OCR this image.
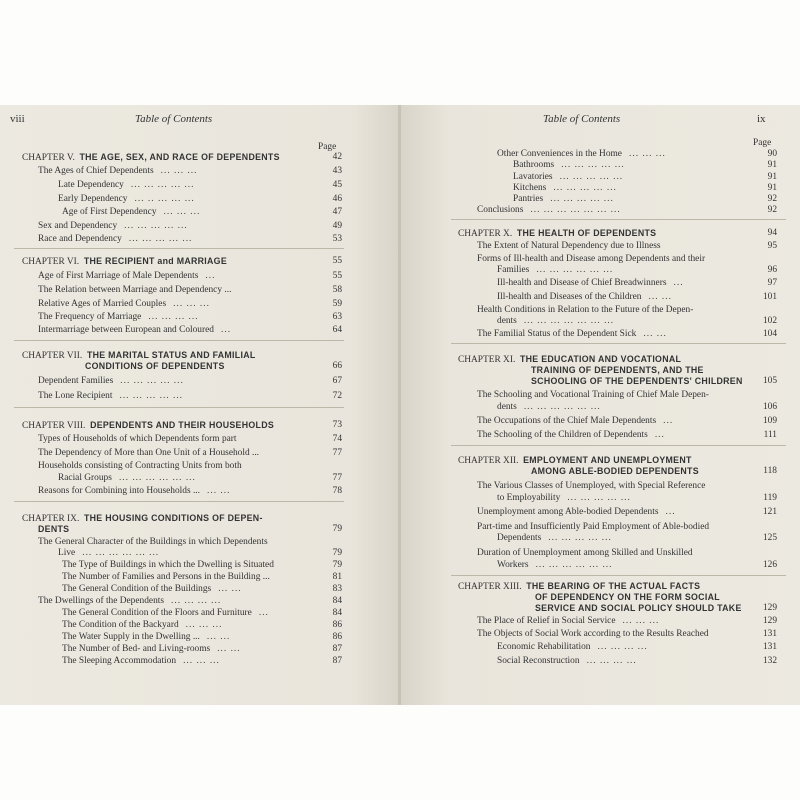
viii	Table of Contents
Page
CHAPTER V. THE AGE, SEX, AND RACE OF DEPENDENTS	42
The Ages of Chief Dependents ... ... ...	43
Late Dependency ... ... ... ... ...	45
Early Dependency ... .. ... ... ...	46
Age of First Dependency ... ... ...	47
Sex and Dependency ... ... ... ... ...	49
Race and Dependency ... ... ... ... ...	53
CHAPTER VI. THE RECIPIENT and MARRIAGE	55
Age of First Marriage of Male Dependents ...	55
The Relation between Marriage and Dependency ...	58
Relative Ages of Married Couples ... ... ...	59
The Frequency of Marriage ... ... ... ...	63
Intermarriage between European and Coloured ...	64
CHAPTER VII. THE MARITAL STATUS AND FAMILIAL
CONDITIONS OF DEPENDENTS	66
Dependent Families ... ... ... ... ...	67
The Lone Recipient ... ... ... ... ...	72
CHAPTER VIII. DEPENDENTS AND THEIR HOUSEHOLDS	73
Types of Households of which Dependents form part	74
The Dependency of More than One Unit of a Household ...	77
Households consisting of Contracting Units from both
Racial Groups ... ... ... ... ... ...	77
Reasons for Combining into Households ... ... ...	78
CHAPTER IX. THE HOUSING CONDITIONS OF DEPEN-
DENTS	79
The General Character of the Buildings in which Dependents
Live ... ... ... ... ... ...	79
The Type of Buildings in which the Dwelling is Situated	79
The Number of Families and Persons in the Building ...	81
The General Condition of the Buildings ... ...	83
The Dwellings of the Dependents ... ... ... ...	84
The General Condition of the Floors and Furniture ...	84
The Condition of the Backyard ... ... ...	86
The Water Supply in the Dwelling ... ... ...	86
The Number of Bed- and Living-rooms ... ...	87
The Sleeping Accommodation ... ... ...	87
Table of Contents	ix
Page
Other Conveniences in the Home ... ... ...	90
Bathrooms ... ... ... ... ...	91
Lavatories ... ... ... ... ...	91
Kitchens ... ... ... ... ...	91
Pantries ... ... ... ... ...	92
Conclusions ... ... ... ... ... ... ...	92
CHAPTER X. THE HEALTH OF DEPENDENTS	94
The Extent of Natural Dependency due to Illness	95
Forms of Ill-health and Disease among Dependents and their
Families ... ... ... ... ... ...	96
Ill-health and Disease of Chief Breadwinners ...	97
Ill-health and Diseases of the Children ... ...	101
Health Conditions in Relation to the Future of the Depen-
dents ... ... ... ... ... ... ...	102
The Familial Status of the Dependent Sick ... ...	104
CHAPTER XI. THE EDUCATION AND VOCATIONAL
TRAINING OF DEPENDENTS, AND THE
SCHOOLING OF THE DEPENDENTS' CHILDREN	105
The Schooling and Vocational Training of Chief Male Depen-
dents ... ... ... ... ... ...	106
The Occupations of the Chief Male Dependents ...	109
The Schooling of the Children of Dependents ...	111
CHAPTER XII. EMPLOYMENT AND UNEMPLOYMENT
AMONG ABLE-BODIED DEPENDENTS	118
The Various Classes of Unemployed, with Special Reference
to Employability ... ... ... ... ...	119
Unemployment among Able-bodied Dependents ...	121
Part-time and Insufficiently Paid Employment of Able-bodied
Dependents ... ... ... ... ...	125
Duration of Unemployment among Skilled and Unskilled
Workers ... ... ... ... ... ...	126
CHAPTER XIII. THE BEARING OF THE ACTUAL FACTS
OF DEPENDENCY ON THE FORM SOCIAL
SERVICE AND SOCIAL POLICY SHOULD TAKE	129
The Place of Relief in Social Service ... ... ...	129
The Objects of Social Work according to the Results Reached	131
Economic Rehabilitation ... ... ... ...	131
Social Reconstruction ... ... ... ...	132
